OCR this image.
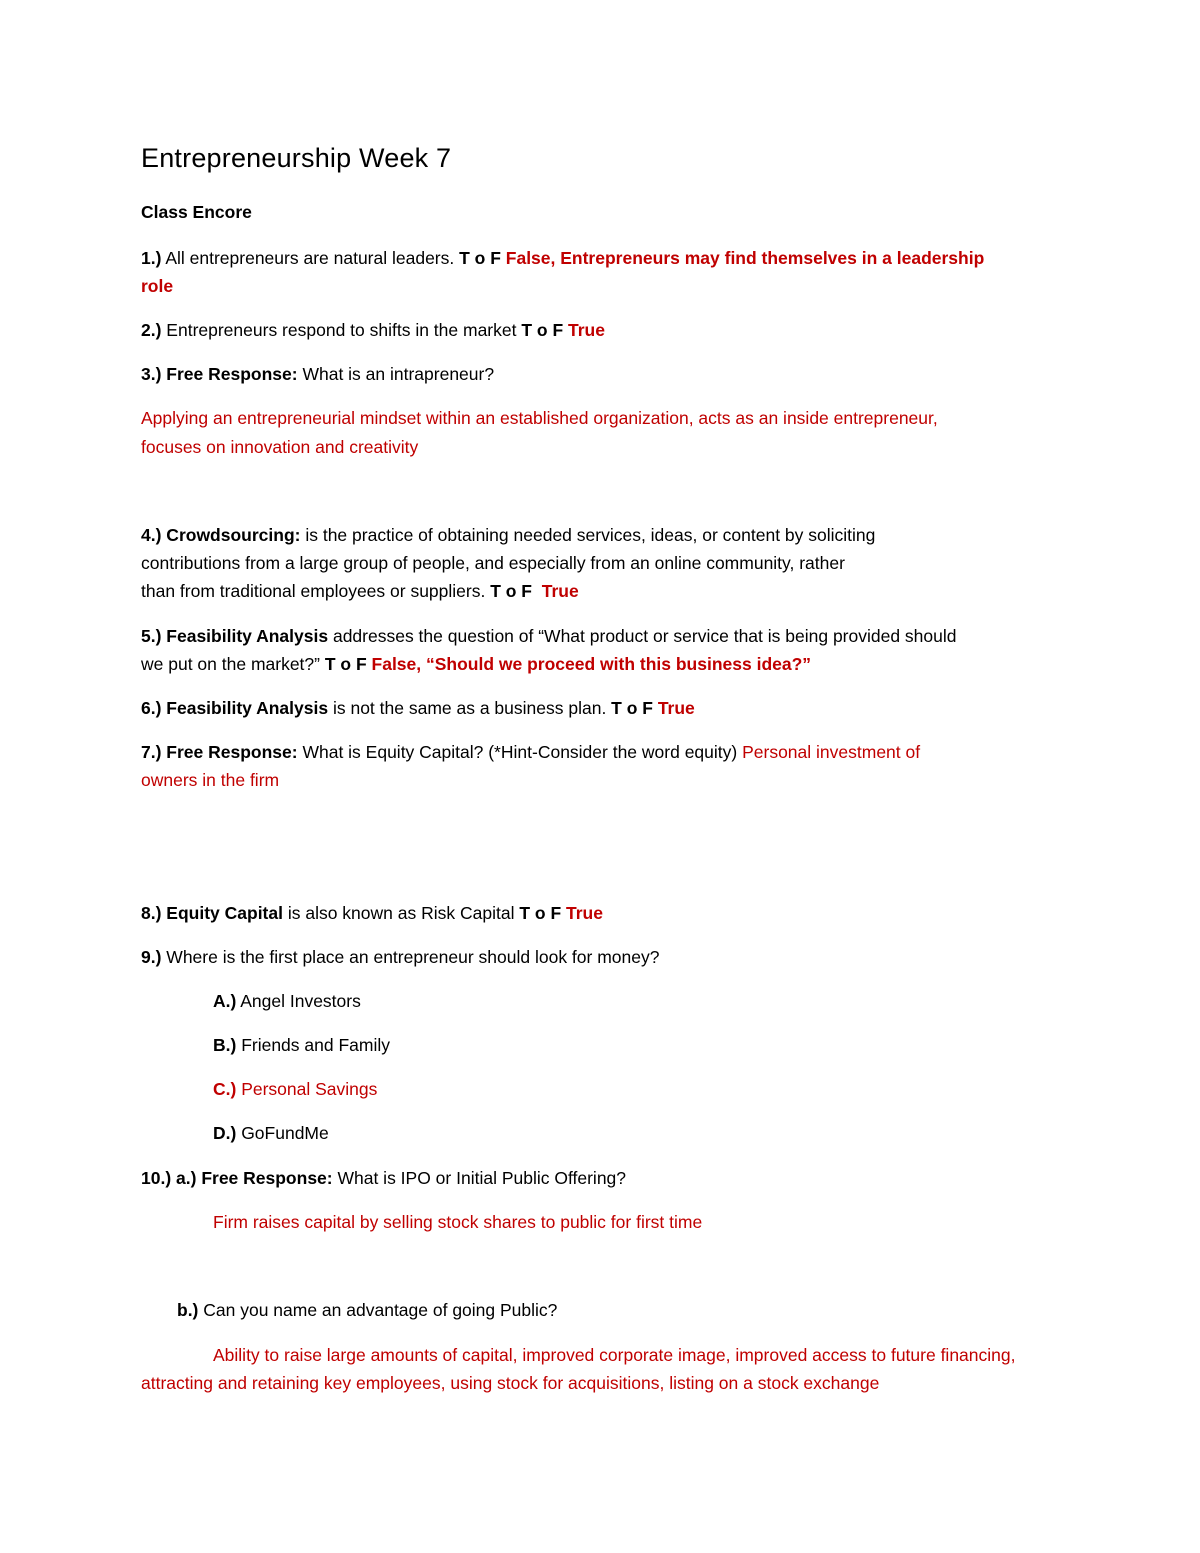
Entrepreneurship Week 7
Class Encore
1.) All entrepreneurs are natural leaders. T o F False, Entrepreneurs may find themselves in a leadership
role
2.) Entrepreneurs respond to shifts in the market T o F True
3.) Free Response: What is an intrapreneur?
Applying an entrepreneurial mindset within an established organization, acts as an inside entrepreneur,
focuses on innovation and creativity
4.) Crowdsourcing: is the practice of obtaining needed services, ideas, or content by soliciting
contributions from a large group of people, and especially from an online community, rather
than from traditional employees or suppliers. T o F  True
5.) Feasibility Analysis addresses the question of “What product or service that is being provided should
we put on the market?” T o F False, “Should we proceed with this business idea?”
6.) Feasibility Analysis is not the same as a business plan. T o F True
7.) Free Response: What is Equity Capital? (*Hint-Consider the word equity) Personal investment of
owners in the firm
8.) Equity Capital is also known as Risk Capital T o F True
9.) Where is the first place an entrepreneur should look for money?
A.) Angel Investors
B.) Friends and Family
C.) Personal Savings
D.) GoFundMe
10.) a.) Free Response: What is IPO or Initial Public Offering?
Firm raises capital by selling stock shares to public for first time
b.) Can you name an advantage of going Public?
Ability to raise large amounts of capital, improved corporate image, improved access to future financing, attracting and retaining key employees, using stock for acquisitions, listing on a stock exchange
